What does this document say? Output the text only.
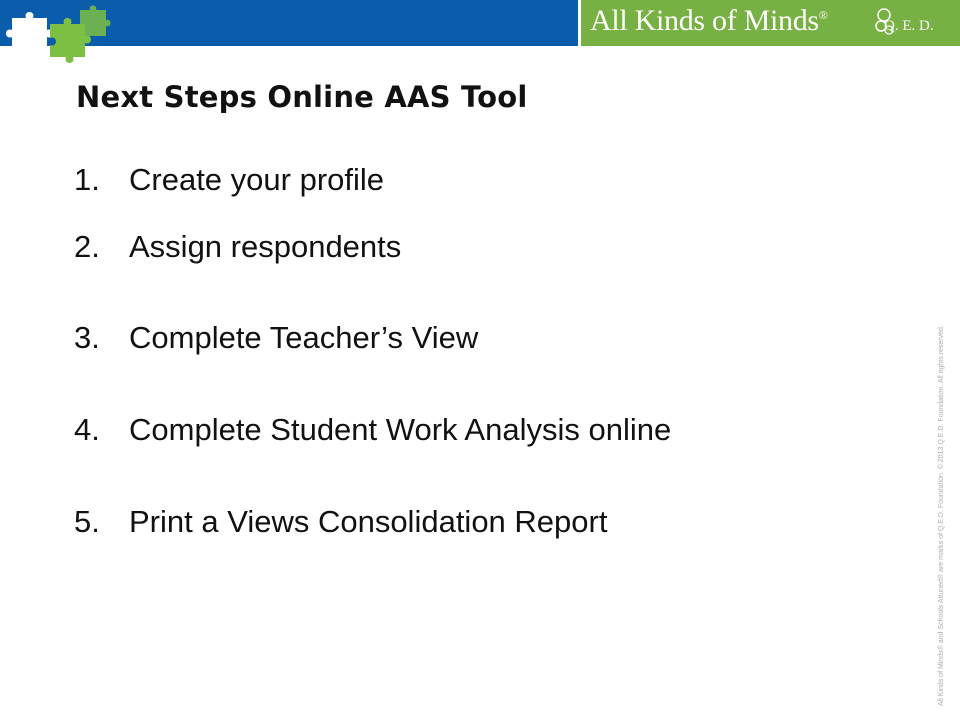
All Kinds of Minds®
Q. E. D.
Next Steps Online AAS Tool
1. Create your profile
2. Assign respondents
3. Complete Teacher’s View
4. Complete Student Work Analysis online
5. Print a Views Consolidation Report	All Kinds of Minds® and Schools Attuned® are marks of Q.E.D. Foundation. © 2013 Q.E.D. Foundation. All rights reserved.
